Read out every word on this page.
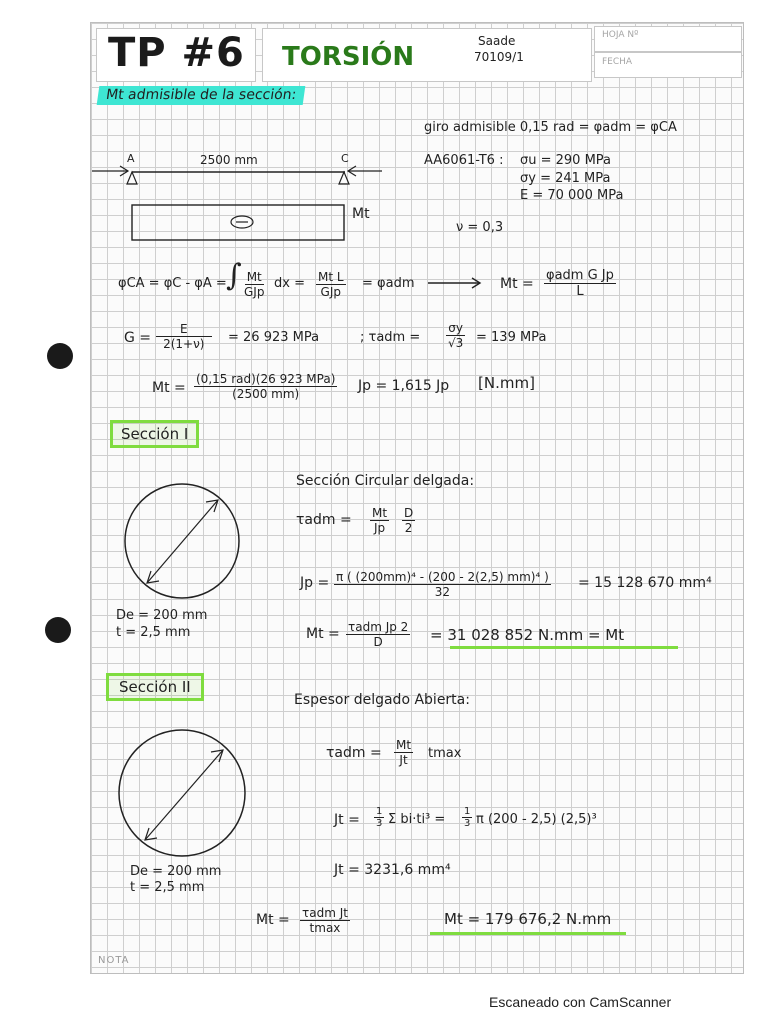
TP #6 TORSIÓN
Saade
70109/1
HOJA Nº
FECHA
Mt admisible de la sección:
giro admisible 0,15 rad = φadm = φCA
AA6061-T6 : σu = 290 MPa
σy = 241 MPa
E = 70 000 MPa
ν = 0,3
2500 mm
A	C
Mt
φCA = φC - φA = ∫ Mt
GJp
dx = Mt L
GJp
= φadm	Mt =
φadm G Jp
L
$G = \frac{E}{2(1+\nu)} = 26$ 923 MPa	; $\tau adm = \frac{\sigma y}{√3} = 139$ MPa
Mt =
(0,15 rad)(26 923 MPa)
(2500 mm)	Jp = 1,615 Jp [N.mm]
Sección I
De = 200 mm
t = 2,5 mm
Sección Circular delgada:
$\tau adm = \frac{Mt}{Jp} \frac{D}{2}$
$Jp = \frac{\text{π ( (200mm)⁴ - (200 - 2(2,5) mm)⁴ )}}{32} = 15$ 128 670 mm⁴
Mt = τadm Jp 2
D	= 31 028 852 N.mm = Mt
Sección II
De = 200 mm
t = 2,5 mm
Espesor delgado Abierta:
$\tau adm = \frac{Mt}{Jt}$ tmax
$Jt = \frac{1}{3}$ Σ $bi\cdot ti^3 = \frac{1}{3}$ π (200 - 2,5) (2,5)³
Jt = 3231,6 mm⁴
Mt = τadm Jt
tmax	Mt = 179 676,2 N.mm
NOTA
Escaneado con CamScanner
